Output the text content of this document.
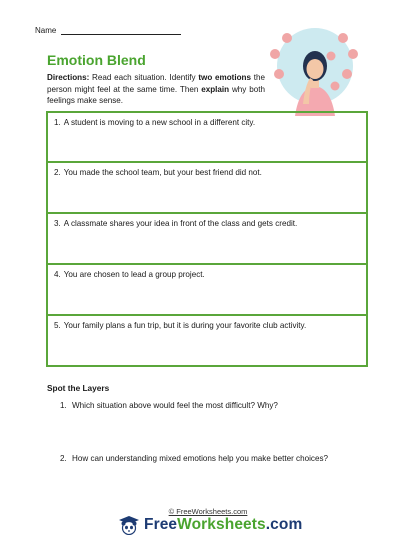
Name
Emotion Blend
Directions: Read each situation. Identify two emotions the person might feel at the same time. Then explain why both feelings make sense.
1. A student is moving to a new school in a different city.
2. You made the school team, but your best friend did not.
3. A classmate shares your idea in front of the class and gets credit.
4. You are chosen to lead a group project.
5. Your family plans a fun trip, but it is during your favorite club activity.
Spot the Layers
1. Which situation above would feel the most difficult? Why?
2. How can understanding mixed emotions help you make better choices?
© FreeWorksheets.com
FreeWorksheets.com
